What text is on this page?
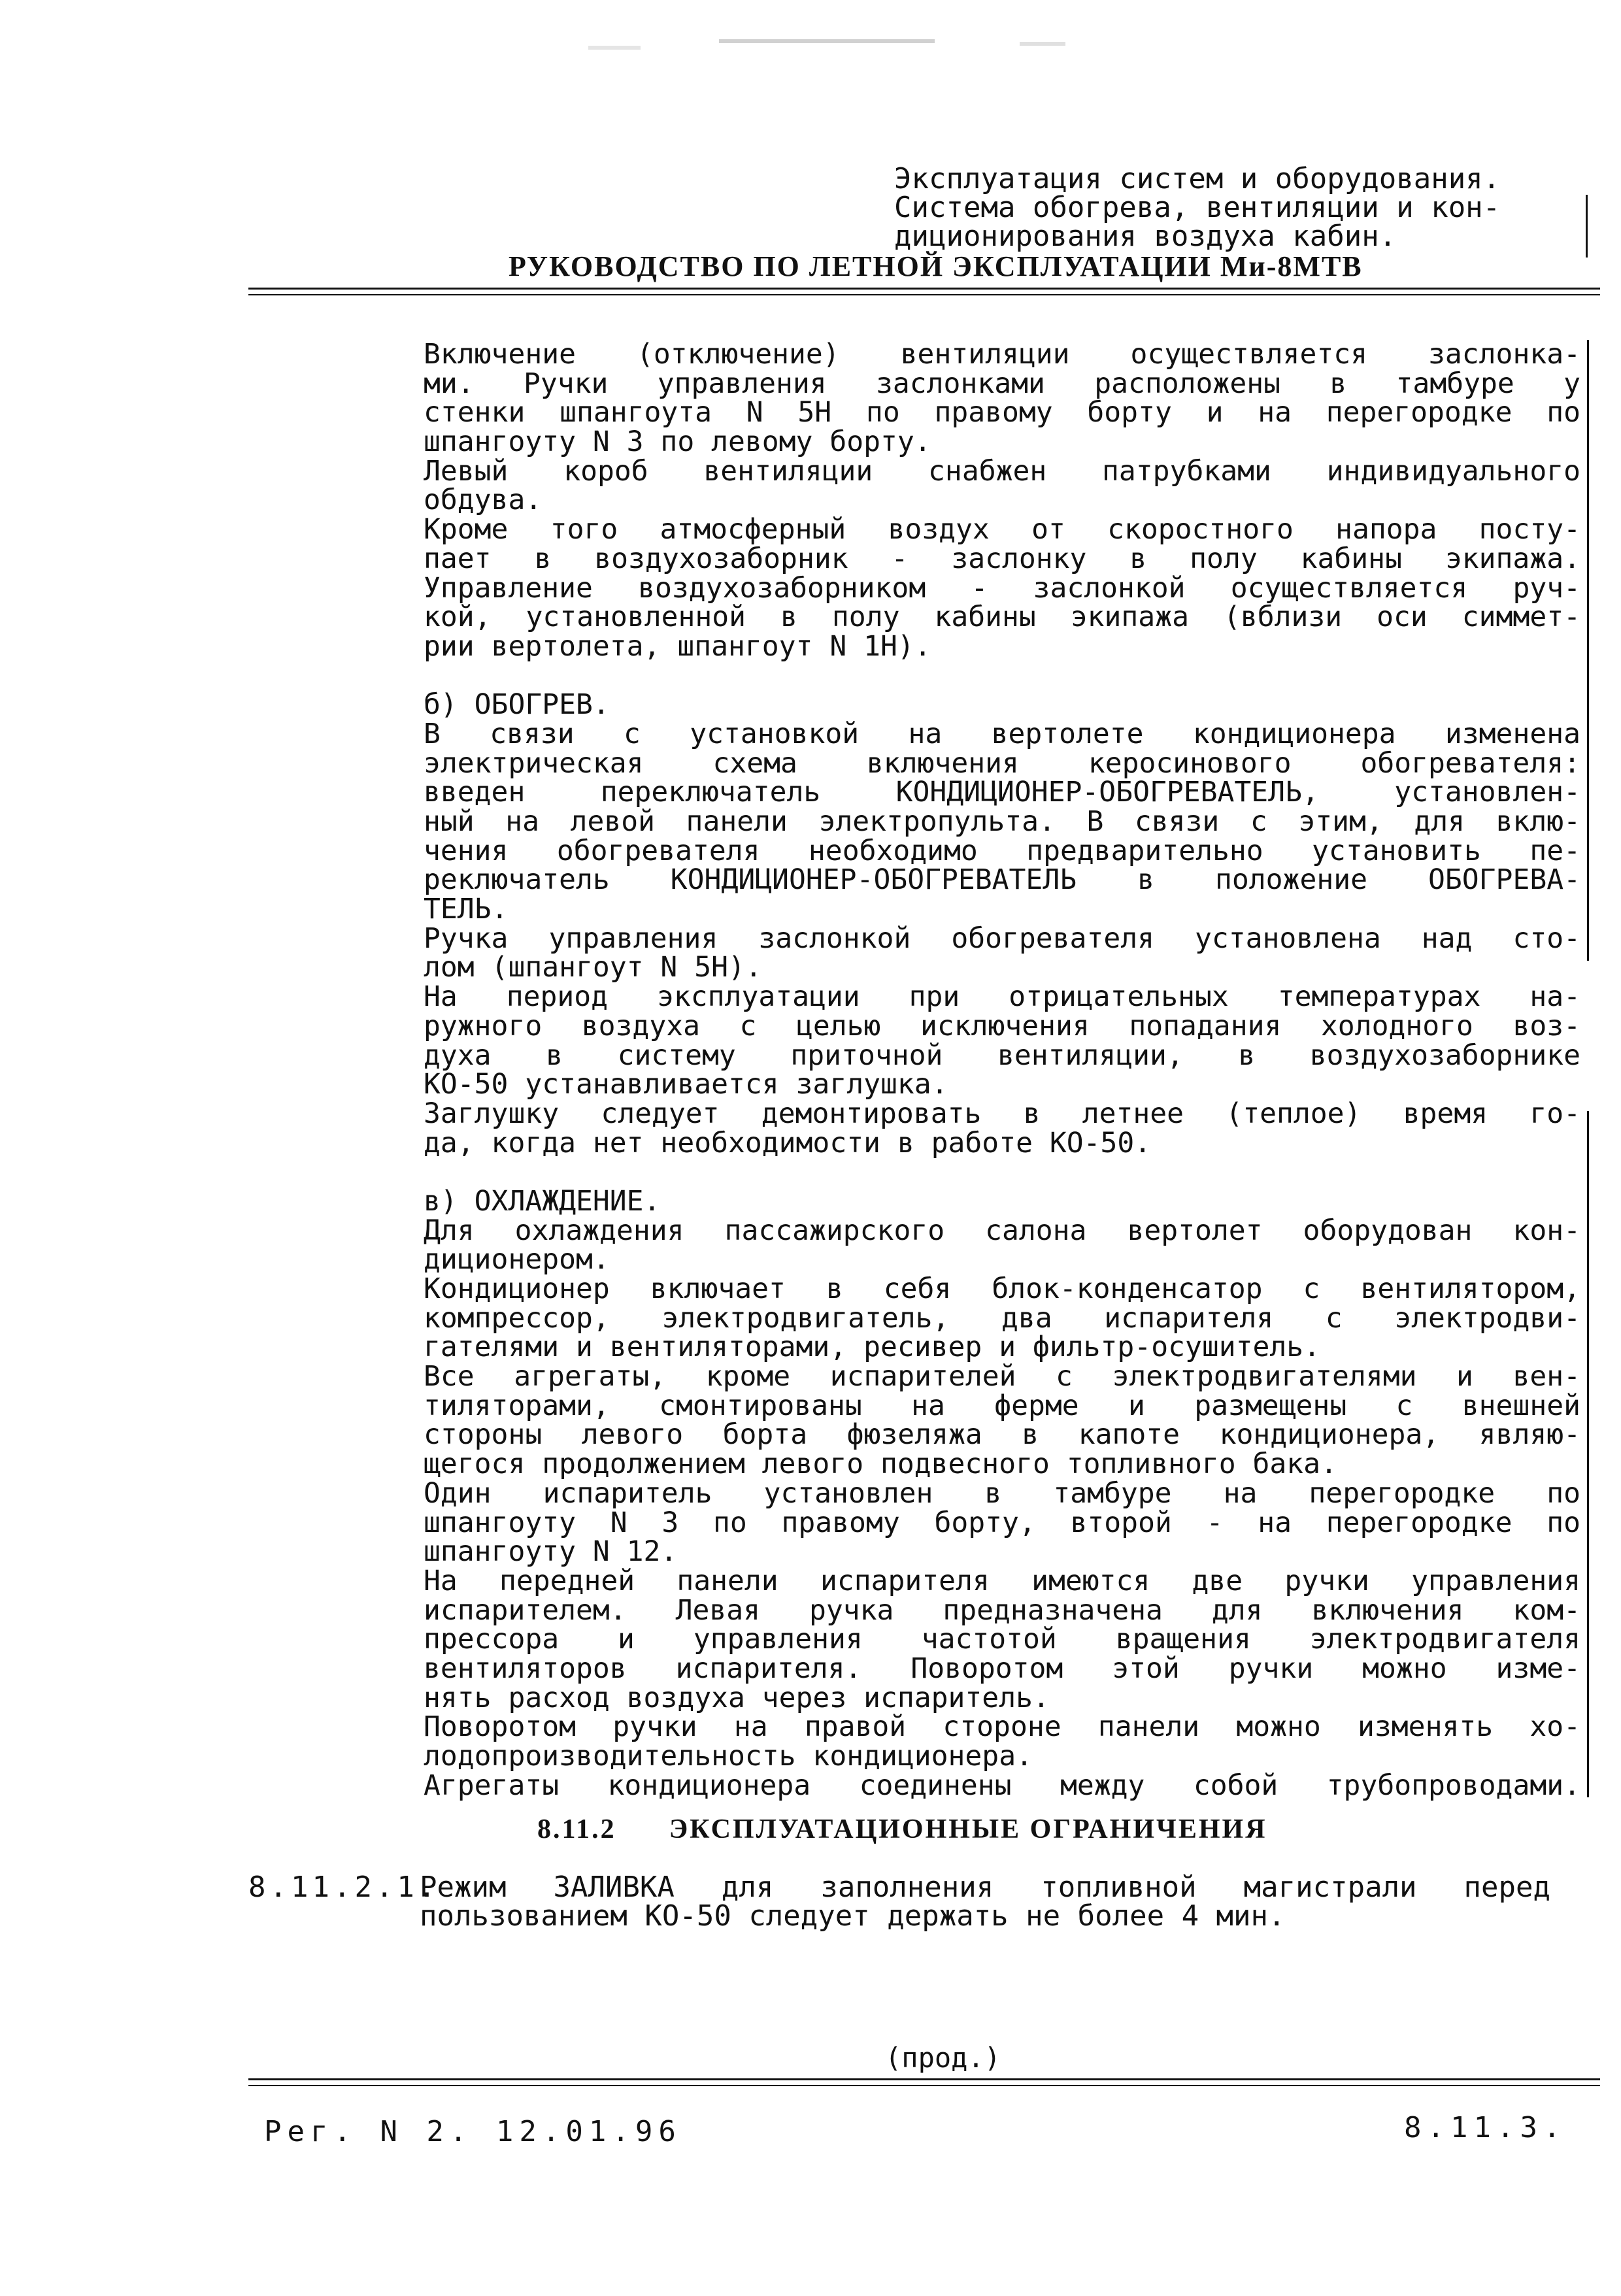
Эксплуатация систем и оборудования.
Система обогрева, вентиляции и кон-
диционирования воздуха кабин.
РУКОВОДСТВО ПО ЛЕТНОЙ ЭКСПЛУАТАЦИИ Ми-8МТВ
Включение (отключение) вентиляции осуществляется заслонка-
ми. Ручки управления заслонками расположены в тамбуре у
стенки шпангоута N 5Н по правому борту и на перегородке по
шпангоуту N 3 по левому борту.
Левый короб вентиляции снабжен патрубками индивидуального
обдува.
Кроме того атмосферный воздух от скоростного напора посту-
пает в воздухозаборник - заслонку в полу кабины экипажа.
Управление воздухозаборником - заслонкой осуществляется руч-
кой, установленной в полу кабины экипажа (вблизи оси симмет-
рии вертолета, шпангоут N 1Н).
б) ОБОГРЕВ.
В связи с установкой на вертолете кондиционера изменена
электрическая схема включения керосинового обогревателя:
введен переключатель КОНДИЦИОНЕР-ОБОГРЕВАТЕЛЬ, установлен-
ный на левой панели электропульта. В связи с этим, для вклю-
чения обогревателя необходимо предварительно установить пе-
реключатель КОНДИЦИОНЕР-ОБОГРЕВАТЕЛЬ в положение ОБОГРЕВА-
ТЕЛЬ.
Ручка управления заслонкой обогревателя установлена над сто-
лом (шпангоут N 5Н).
На период эксплуатации при отрицательных температурах на-
ружного воздуха с целью исключения попадания холодного воз-
духа в систему приточной вентиляции, в воздухозаборнике
КО-50 устанавливается заглушка.
Заглушку следует демонтировать в летнее (теплое) время го-
да, когда нет необходимости в работе КО-50.
в) ОХЛАЖДЕНИЕ.
Для охлаждения пассажирского салона вертолет оборудован кон-
диционером.
Кондиционер включает в себя блок-конденсатор с вентилятором,
компрессор, электродвигатель, два испарителя с электродви-
гателями и вентиляторами, ресивер и фильтр-осушитель.
Все агрегаты, кроме испарителей с электродвигателями и вен-
тиляторами, смонтированы на ферме и размещены с внешней
стороны левого борта фюзеляжа в капоте кондиционера, являю-
щегося продолжением левого подвесного топливного бака.
Один испаритель установлен в тамбуре на перегородке по
шпангоуту N 3 по правому борту, второй - на перегородке по
шпангоуту N 12.
На передней панели испарителя имеются две ручки управления
испарителем. Левая ручка предназначена для включения ком-
прессора и управления частотой вращения электродвигателя
вентиляторов испарителя. Поворотом этой ручки можно изме-
нять расход воздуха через испаритель.
Поворотом ручки на правой стороне панели можно изменять хо-
лодопроизводительность кондиционера.
Агрегаты кондиционера соединены между собой трубопроводами.
8.11.2 ЭКСПЛУАТАЦИОННЫЕ ОГРАНИЧЕНИЯ
8.11.2.1.
Режим ЗАЛИВКА для заполнения топливной магистрали перед
пользованием КО-50 следует держать не более 4 мин.
(прод.)
Рег. N 2. 12.01.96	8.11.3.
